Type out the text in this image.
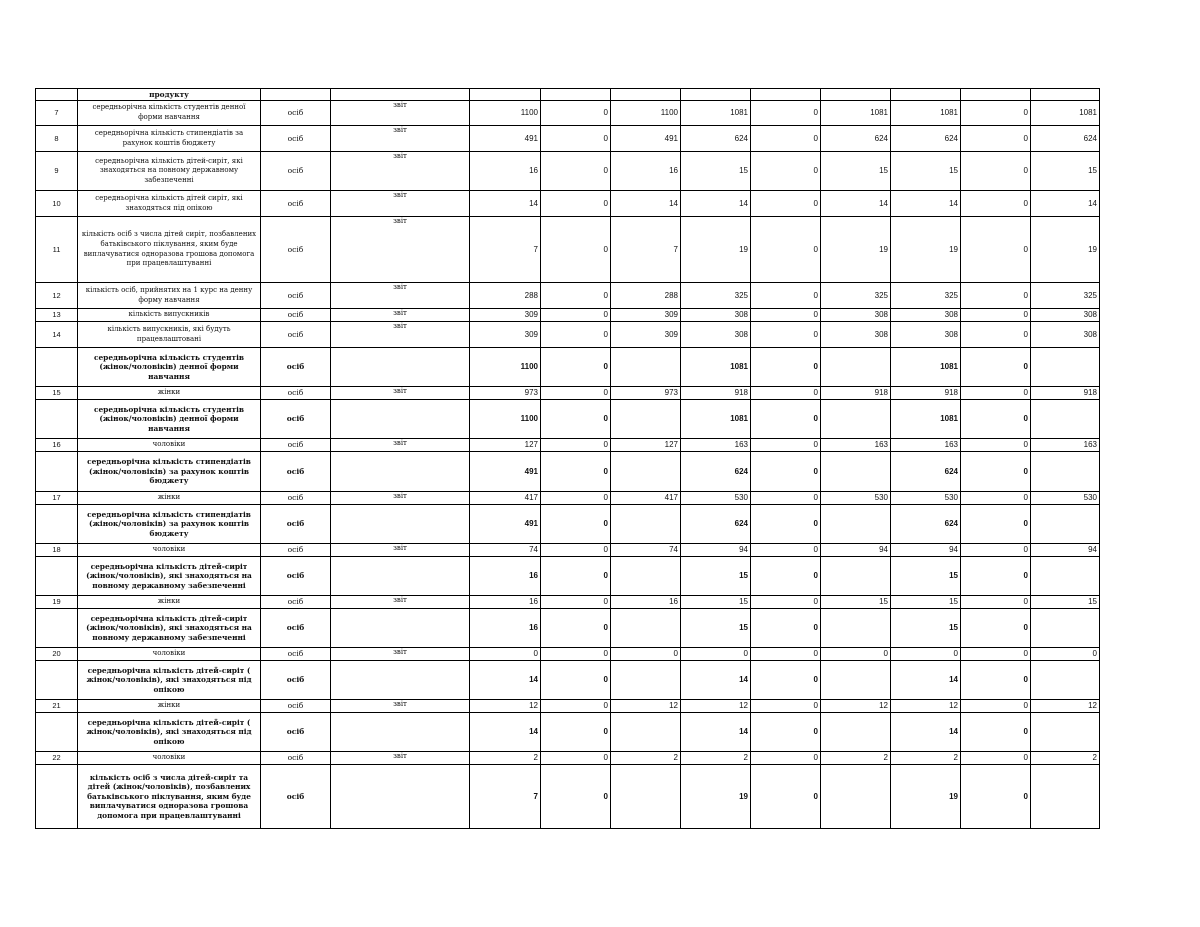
	продукту											
7	середньорічна кількість студентів денної форми навчання	осіб	звіт	1100	0	1100	1081	0	1081	1081	0	1081
8	середньорічна кількість стипендіатів за рахунок коштів бюджету	осіб	звіт	491	0	491	624	0	624	624	0	624
9	середньорічна кількість дітей-сиріт, які знаходяться на повному державному забезпеченні	осіб	звіт	16	0	16	15	0	15	15	0	15
10	середньорічна кількість дітей сиріт, які знаходяться під опікою	осіб	звіт	14	0	14	14	0	14	14	0	14
11	кількість осіб з числа дітей сиріт, позбавлених батьківського піклування, яким буде виплачуватися одноразова грошова допомога при працевлаштуванні	осіб	звіт	7	0	7	19	0	19	19	0	19
12	кількість осіб, прийнятих на 1 курс на денну форму навчання	осіб	звіт	288	0	288	325	0	325	325	0	325
13	кількість випускників	осіб	звіт	309	0	309	308	0	308	308	0	308
14	кількість випускників, які будуть працевлаштовані	осіб	звіт	309	0	309	308	0	308	308	0	308
	середньорічна кількість студентів (жінок/чоловіків) денної форми навчання	осіб		1100	0		1081	0		1081	0	
15	жінки	осіб	звіт	973	0	973	918	0	918	918	0	918
	середньорічна кількість студентів (жінок/чоловіків) денної форми навчання	осіб		1100	0		1081	0		1081	0	
16	чоловіки	осіб	звіт	127	0	127	163	0	163	163	0	163
	середньорічна кількість стипендіатів (жінок/чоловіків) за рахунок коштів бюджету	осіб		491	0		624	0		624	0	
17	жінки	осіб	звіт	417	0	417	530	0	530	530	0	530
	середньорічна кількість стипендіатів (жінок/чоловіків) за рахунок коштів бюджету	осіб		491	0		624	0		624	0	
18	чоловіки	осіб	звіт	74	0	74	94	0	94	94	0	94
	середньорічна кількість дітей-сиріт (жінок/чоловіків), які знаходяться на повному державному забезпеченні	осіб		16	0		15	0		15	0	
19	жінки	осіб	звіт	16	0	16	15	0	15	15	0	15
	середньорічна кількість дітей-сиріт (жінок/чоловіків), які знаходяться на повному державному забезпеченні	осіб		16	0		15	0		15	0	
20	чоловіки	осіб	звіт	0	0	0	0	0	0	0	0	0
	середньорічна кількість дітей-сиріт ( жінок/чоловіків), які знаходяться під опікою	осіб		14	0		14	0		14	0	
21	жінки	осіб	звіт	12	0	12	12	0	12	12	0	12
	середньорічна кількість дітей-сиріт ( жінок/чоловіків), які знаходяться під опікою	осіб		14	0		14	0		14	0	
22	чоловіки	осіб	звіт	2	0	2	2	0	2	2	0	2
	кількість осіб з числа дітей-сиріт та дітей (жінок/чоловіків), позбавлених батьківського піклування, яким буде виплачуватися одноразова грошова допомога при працевлаштуванні	осіб		7	0		19	0		19	0	
